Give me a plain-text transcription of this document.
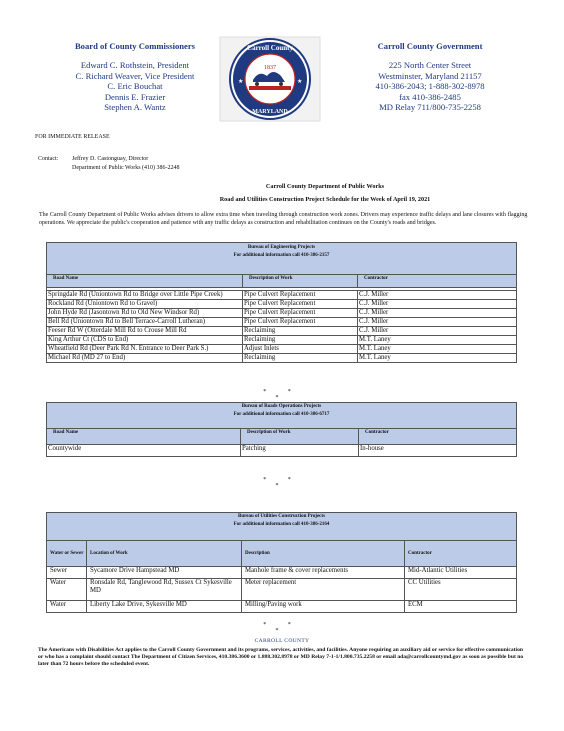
Board of County Commissioners
Edward C. Rothstein, President
C. Richard Weaver, Vice President
C. Eric Bouchat
Dennis E. Frazier
Stephen A. Wantz
1837
Carroll County
MARYLAND
★	★
Carroll County Government
225 North Center Street
Westminster, Maryland 21157
410-386-2043; 1-888-302-8978
fax 410-386-2485
MD Relay 711/800-735-2258
FOR IMMEDIATE RELEASE
Contact: Jeffrey D. Castonguay, Director
Department of Public Works (410) 386-2248
Carroll County Department of Public Works
Road and Utilities Construction Project Schedule for the Week of April 19, 2021
The Carroll County Department of Public Works advises drivers to allow extra time when traveling through construction work zones. Drivers may experience traffic delays and lane closures with flagging operations. We appreciate the public's cooperation and patience with any traffic delays as construction and rehabilitation continues on the County's roads and bridges.
Bureau of Engineering Projects
For additional information call 410-386-2157		

Road Name	Description of Work	Contractor

Springdale Rd (Uniontown Rd to Bridge over Little Pipe Creek)	Pipe Culvert Replacement	C.J. Miller
Rockland Rd (Uniontown Rd to Gravel)	Pipe Culvert Replacement	C.J. Miller
John Hyde Rd (Jasontown Rd to Old New Windsor Rd)	Pipe Culvert Replacement	C.J. Miller
Bell Rd (Uniontown Rd to Bell Terrace-Carroll Lutheran)	Pipe Culvert Replacement	C.J. Miller
Feeser Rd W (Otterdale Mill Rd to Crouse Mill Rd	Reclaiming	C.J. Miller
King Arthur Ct (CDS to End)	Reclaiming	M.T. Laney
Wheatfield Rd (Deer Park Rd N. Entrance to Deer Park S.)	Adjust Inlets	M.T. Laney
Michael Rd (MD 27 to End)	Reclaiming	M.T. Laney
* * *
Bureau of Roads Operations Projects
For additional information call 410-386-6717		

Road Name	Description of Work	Contractor
Countywide	Patching	In-house
* * *
Bureau of Utilities Construction Projects
For additional information call 410-386-2164			

Water or Sewer	Location of Work	Description	Contractor
Sewer	Sycamore Drive Hampstead MD	Manhole frame & cover replacements	Mid-Atlantic Utilities
Water	Ronsdale Rd, Tanglewood Rd, Sussex Ct Sykesville MD	Meter replacement	CC Utilities
Water	Liberty Lake Drive, Sykesville MD	Milling/Paving work	ECM
* * *
CARROLL COUNTY
The Americans with Disabilities Act applies to the Carroll County Government and its programs, services, activities, and facilities. Anyone requiring an auxiliary aid or service for effective communication or who has a complaint should contact The Department of Citizen Services, 410.386.3600 or 1.888.302.8978 or MD Relay 7-1-1/1.800.735.2258 or email ada@carrollcountymd.gov as soon as possible but no later than 72 hours before the scheduled event.
